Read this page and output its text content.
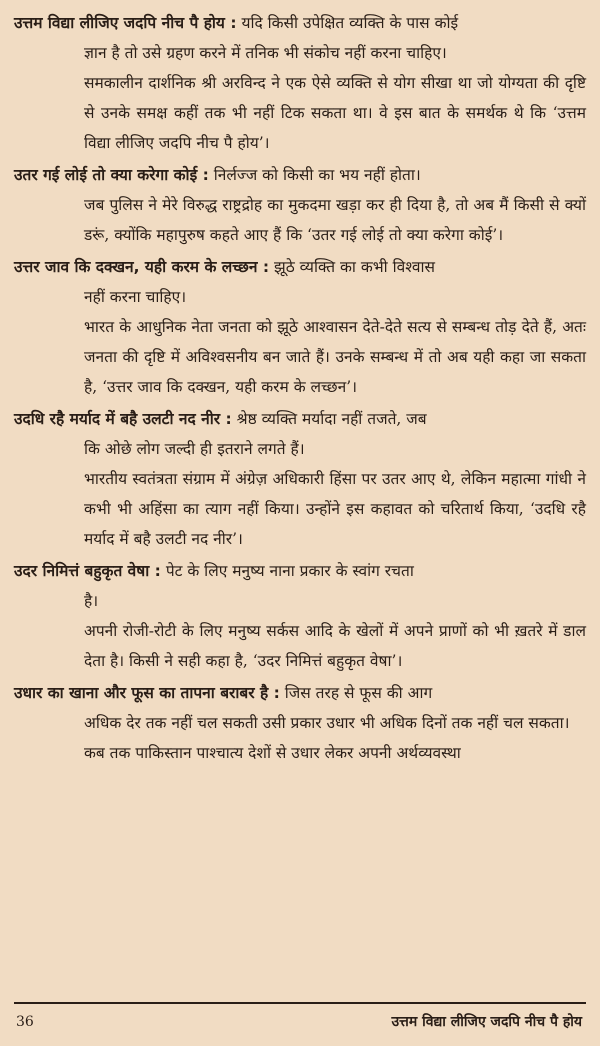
उत्तम विद्या लीजिए जदपि नीच पै होय : यदि किसी उपेक्षित व्यक्ति के पास कोई

ज्ञान है तो उसे ग्रहण करने में तनिक भी संकोच नहीं करना चाहिए।

समकालीन दार्शनिक श्री अरविन्द ने एक ऐसे व्यक्ति से योग सीखा था जो योग्यता की दृष्टि से उनके समक्ष कहीं तक भी नहीं टिक सकता था। वे इस बात के समर्थक थे कि ‘उत्तम विद्या लीजिए जदपि नीच पै होय’।

उतर गई लोई तो क्या करेगा कोई : निर्लज्ज को किसी का भय नहीं होता।

जब पुलिस ने मेरे विरुद्ध राष्ट्रद्रोह का मुकदमा खड़ा कर ही दिया है, तो अब मैं किसी से क्यों डरूं, क्योंकि महापुरुष कहते आए हैं कि ‘उतर गई लोई तो क्या करेगा कोई’।

उत्तर जाव कि दक्खन, यही करम के लच्छन : झूठे व्यक्ति का कभी विश्वास

नहीं करना चाहिए।

भारत के आधुनिक नेता जनता को झूठे आश्वासन देते-देते सत्य से सम्बन्ध तोड़ देते हैं, अतः जनता की दृष्टि में अविश्वसनीय बन जाते हैं। उनके सम्बन्ध में तो अब यही कहा जा सकता है, ‘उत्तर जाव कि दक्खन, यही करम के लच्छन’।

उदधि रहै मर्याद में बहै उलटी नद नीर : श्रेष्ठ व्यक्ति मर्यादा नहीं तजते, जब

कि ओछे लोग जल्दी ही इतराने लगते हैं।

भारतीय स्वतंत्रता संग्राम में अंग्रेज़ अधिकारी हिंसा पर उतर आए थे, लेकिन महात्मा गांधी ने कभी भी अहिंसा का त्याग नहीं किया। उन्होंने इस कहावत को चरितार्थ किया, ‘उदधि रहै मर्याद में बहै उलटी नद नीर’।

उदर निमित्तं बहुकृत वेषा : पेट के लिए मनुष्य नाना प्रकार के स्वांग रचता

है।

अपनी रोजी-रोटी के लिए मनुष्य सर्कस आदि के खेलों में अपने प्राणों को भी ख़तरे में डाल देता है। किसी ने सही कहा है, ‘उदर निमित्तं बहुकृत वेषा’।

उधार का खाना और फूस का तापना बराबर है : जिस तरह से फूस की आग

अधिक देर तक नहीं चल सकती उसी प्रकार उधार भी अधिक दिनों तक नहीं चल सकता।

कब तक पाकिस्तान पाश्चात्य देशों से उधार लेकर अपनी अर्थव्यवस्था

36	उत्तम विद्या लीजिए जदपि नीच पै होय
